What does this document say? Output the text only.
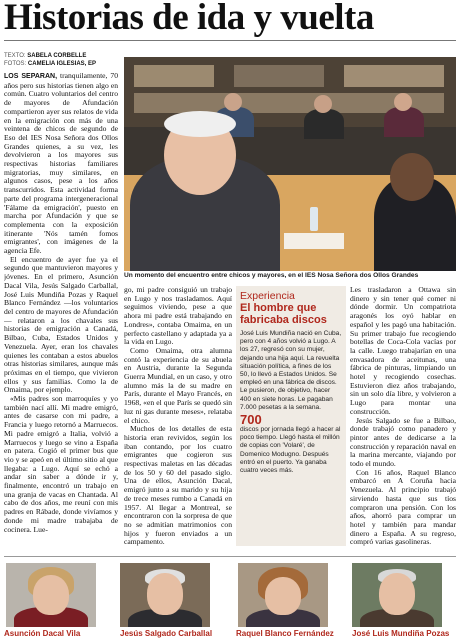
Historias de ida y vuelta
TEXTO: SABELA CORBELLE
FOTOS: CAMELIA IGLESIAS, EP

LOS SEPARAN, tranquilamente, 70 años pero sus historias tienen algo en común. Cuatro voluntarios del centro de mayores de Afundación compartieron ayer sus relatos de vida en la emigración con más de una veintena de chicos de segundo de Eso del IES Nosa Señora dos Ollos Grandes quienes, a su vez, les devolvieron a los mayores sus respectivas historias familiares migratorias, muy similares, en algunos casos, pese a los años transcurridos. Esta actividad forma parte del programa intergeneracional 'Fálame da emigración', puesto en marcha por Afundación y que se complementa con la exposición itinerante 'Nós tamén fomos emigrantes', con imágenes de la agencia Efe.

El encuentro de ayer fue ya el segundo que mantuvieron mayores y jóvenes. En el primero, Asunción Dacal Vila, Jesús Salgado Carballal, José Luis Mundiña Pozas y Raquel Blanco Fernández —los voluntarios del centro de mayores de Afundación— relataron a los chavales sus historias de emigración a Canadá, Bilbao, Cuba, Estados Unidos y Venezuela. Ayer, eran los chavales quienes les contaban a estos abuelos otras historias similares, aunque más próximas en el tiempo, que vivieron ellos y sus familias. Como la de Omaima, por ejemplo.

«Mis padres son marroquíes y yo también nací allí. Mi madre emigró, antes de casarse con mi padre, a Francia y luego retornó a Marruecos. Mi padre emigró a Italia, volvió a Marruecos y luego se vino a España en patera. Cogió el primer bus que vio y se apeó en el último sitio al que llegaba: a Lugo. Aquí se echó a andar sin saber a dónde ir y, finalmente, encontró un trabajo en una granja de vacas en Chantada. Al cabo de dos años, me reuní con mis padres en Rábade, donde vivíamos y donde mi madre trabajaba de cocinera. Lue-

Un momento del encuentro entre chicos y mayores, en el IES Nosa Señora dos Ollos Grandes

go, mi padre consiguió un trabajo en Lugo y nos trasladamos. Aquí seguimos viviendo, pese a que ahora mi padre está trabajando en Londres», contaba Omaima, en un perfecto castellano y adaptada ya a la vida en Lugo.

Como Omaima, otra alumna contó la experiencia de su abuela en Austria, durante la Segunda Guerra Mundial, en un caso, y otro alumno más la de su madre en París, durante el Mayo Francés, en 1968, «en el que París se quedó sin luz ni gas durante meses», relataba el chico.

Muchos de los detalles de esta historia eran revividos, según los iban contando, por los cuatro emigrantes que cogieron sus respectivas maletas en las décadas de los 50 y 60 del pasado siglo. Una de ellos, Asunción Dacal, emigró junto a su marido y su hija de trece meses rumbo a Canadá en 1957. Al llegar a Montreal, se encontraron con la sorpresa de que no se admitían matrimonios con hijos y fueron enviados a un campamento.

Experiencia
El hombre que fabricaba discos
José Luis Mundiña nació en Cuba, pero con 4 años volvió a Lugo. A los 27, regresó con su mujer, dejando una hija aquí. La revuelta situación política, a fines de los 50, lo llevó a Estados Unidos. Se empleó en una fábrica de discos. Le pusieron, de objetivo, hacer 400 en siete horas. Le pagaban 7.000 pesetas a la semana.
700
discos por jornada llegó a hacer al poco tiempo. Llegó hasta el millón de copias con 'Volaré', de Domenico Modugno. Después entró en el puerto. Ya ganaba cuatro veces más.

Les trasladaron a Ottawa sin dinero y sin tener qué comer ni dónde dormir. Un compatriota aragonés los oyó hablar en español y les pagó una habitación. Su primer trabajo fue recogiendo botellas de Coca-Cola vacías por la calle. Luego trabajarían en una envasadora de aceitunas, una fábrica de pinturas, limpiando un hotel y recogiendo cosechas. Estuvieron diez años trabajando, sin un solo día libre, y volvieron a Lugo para montar una construcción.

Jesús Salgado se fue a Bilbao, donde trabajó como panadero y pintor antes de dedicarse a la construcción y reparación naval en la marina mercante, viajando por todo el mundo.

Con 16 años, Raquel Blanco embarcó en A Coruña hacia Venezuela. Al principio trabajó sirviendo hasta que sus tíos compraron una pensión. Con los años, ahorró para comprar un hotel y también para mandar dinero a España. A su regreso, compró varias gasolineras.

Asunción Dacal Vila	Jesús Salgado Carballal	Raquel Blanco Fernández José Luis Mundiña Pozas
